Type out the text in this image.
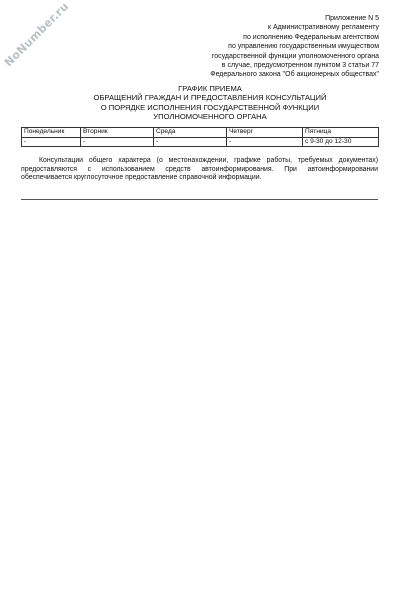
NoNumber.ru	Приложение N 5
к Административному регламенту
по исполнению Федеральным агентством
по управлению государственным имуществом
государственной функции уполномоченного органа
в случае, предусмотренном пунктом 3 статьи 77
Федерального закона "Об акционерных обществах"
ГРАФИК ПРИЕМА
ОБРАЩЕНИЙ ГРАЖДАН И ПРЕДОСТАВЛЕНИЯ КОНСУЛЬТАЦИЙ
О ПОРЯДКЕ ИСПОЛНЕНИЯ ГОСУДАРСТВЕННОЙ ФУНКЦИИ
УПОЛНОМОЧЕННОГО ОРГАНА
Понедельник	Вторник	Среда	Четверг	Пятница
-	-	-	-	с 9-30 до 12-30

Консультации общего характера (о местонахождении, графике работы, требуемых документах) предоставляются с использованием средств автоинформирования. При автоинформировании обеспечивается круглосуточное предоставление справочной информации.
